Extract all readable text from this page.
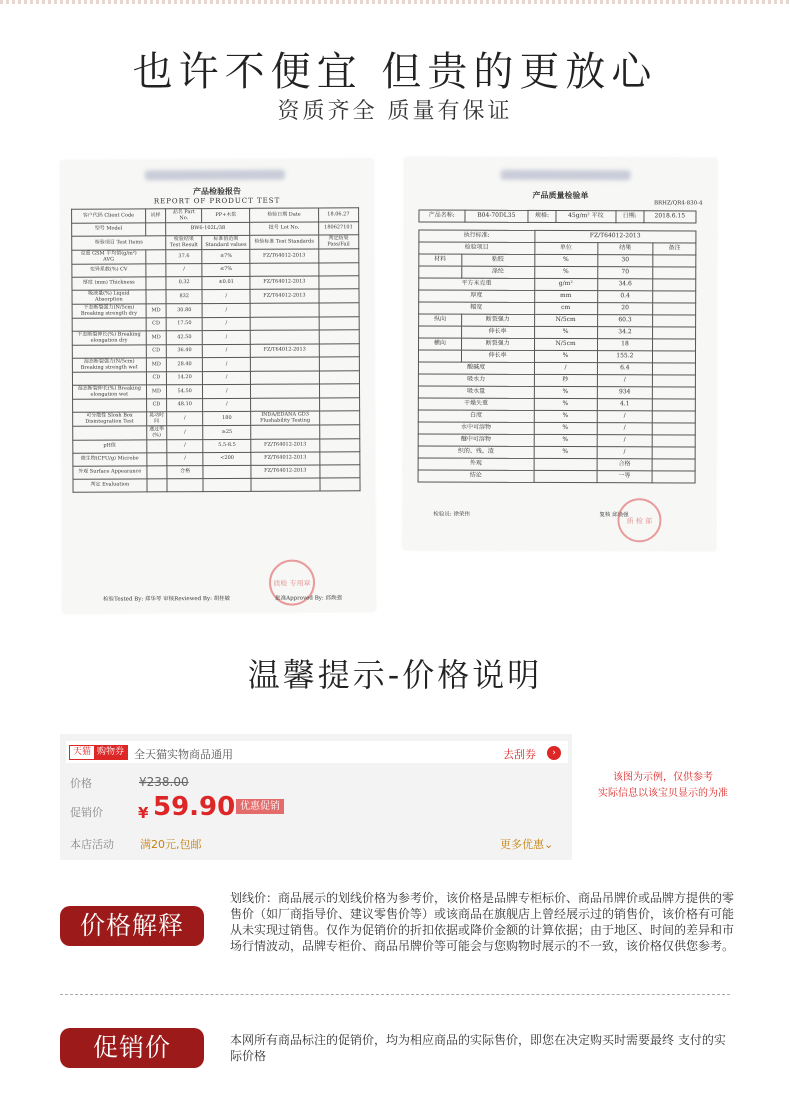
也许不便宜 但贵的更放心
资质齐全 质量有保证
产品检验报告
REPORT OF PRODUCT TEST
客户代码 Client Code	试样	品名 Part No.	PP+木浆	检验日期 Date	18.06.27
型号 Model		BW6-102L/38		批号 Lot No.	180627101
检验项目 Test Items		检验结果 Test Result	标准值范围 Standard values	检验标准 Test Standards	判定结果 Pass/Fail
克重 GSM 平均值(g/m²) AVG		37.6	±7%	FZ/T64012-2013	
变异系数(%) CV		/	≤7%		
厚度 (mm) Thickness		0.32	±0.01	FZ/T64012-2013	
吸液量(%) Liquid Absorption		832	/	FZ/T64012-2013	
干态断裂强力(N/5cm) Breaking strength dry	MD	30.80	/		
	CD	17.50	/		
干态断裂伸长(%) Breaking elongation dry	MD	42.50	/		
	CD	36.40	/	FZ/T64012-2013	
湿态断裂强力(N/5cm) Breaking strength wet	MD	28.40	/		
	CD	14.20	/		
湿态断裂伸长(%) Breaking elongation wet	MD	54.50	/		
	CD	48.10	/		
可分散性 Slosh Box Disintegration Test	晃动时间	/	180	INDA/EDANA GD3 Flushability Testing	
	通过率(%)	/	≥25		
pH值		/	5.5-8.5	FZ/T64012-2013	
微生物(CFU/g) Microbe		/	<200	FZ/T64012-2013	
外观 Surface Appearance		合格		FZ/T64012-2013	
判定 Evaluation					
质检 专用章
检验Tested By: 郑华琴 审核Reviewed By: 胡桂敏	批准Approved By: 邱焕强
产品质量检验单
BRHZ/QR4-830-4
产品名称:	B04-70DL35	规格:	45g/m² 平纹	日期:	2018.6.15
执行标准:		FZ/T64012-2013		
检验项目		单位	结果	备注
材料	粘胶	%	30	
	涤纶	%	70	
平方米克重		g/m²	34.6	
厚度		mm	0.4	
幅宽		cm	20	
纵向	断裂强力	N/5cm	60.3	
	伸长率	%	34.2	
横向	断裂强力	N/5cm	18	
	伸长率	%	155.2	
酸碱度		/	6.4	
吸水力		秒	/	
吸水量		%	934	
干燥失重		%	4.1	
白度		%	/	
水中可溶物		%	/	
醚中可溶物		%	/	
织的、残、渣		%	/	
外观			合格	
结论			一等	
检验员: 徐荣伟	复核 邱焕强
质 检 部
温馨提示-价格说明
天猫 购物券 全天猫实物商品通用	去刮券	›
价格	¥238.00
促销价 ¥ 59.90 优惠促销
本店活动 满20元,包邮	更多优惠⌄
该图为示例，仅供参考
实际信息以该宝贝显示的为准
价格解释
划线价：商品展示的划线价格为参考价，该价格是品牌专柜标价、商品吊牌价或品牌方提供的零售价（如厂商指导价、建议零售价等）或该商品在旗舰店上曾经展示过的销售价，该价格有可能从未实现过销售。仅作为促销价的折扣依据或降价金额的计算依据；由于地区、时间的差异和市场行情波动，品牌专柜价、商品吊牌价等可能会与您购物时展示的不一致，该价格仅供您参考。
促销价	本网所有商品标注的促销价，均为相应商品的实际售价，即您在决定购买时需要最终 支付的实际价格
